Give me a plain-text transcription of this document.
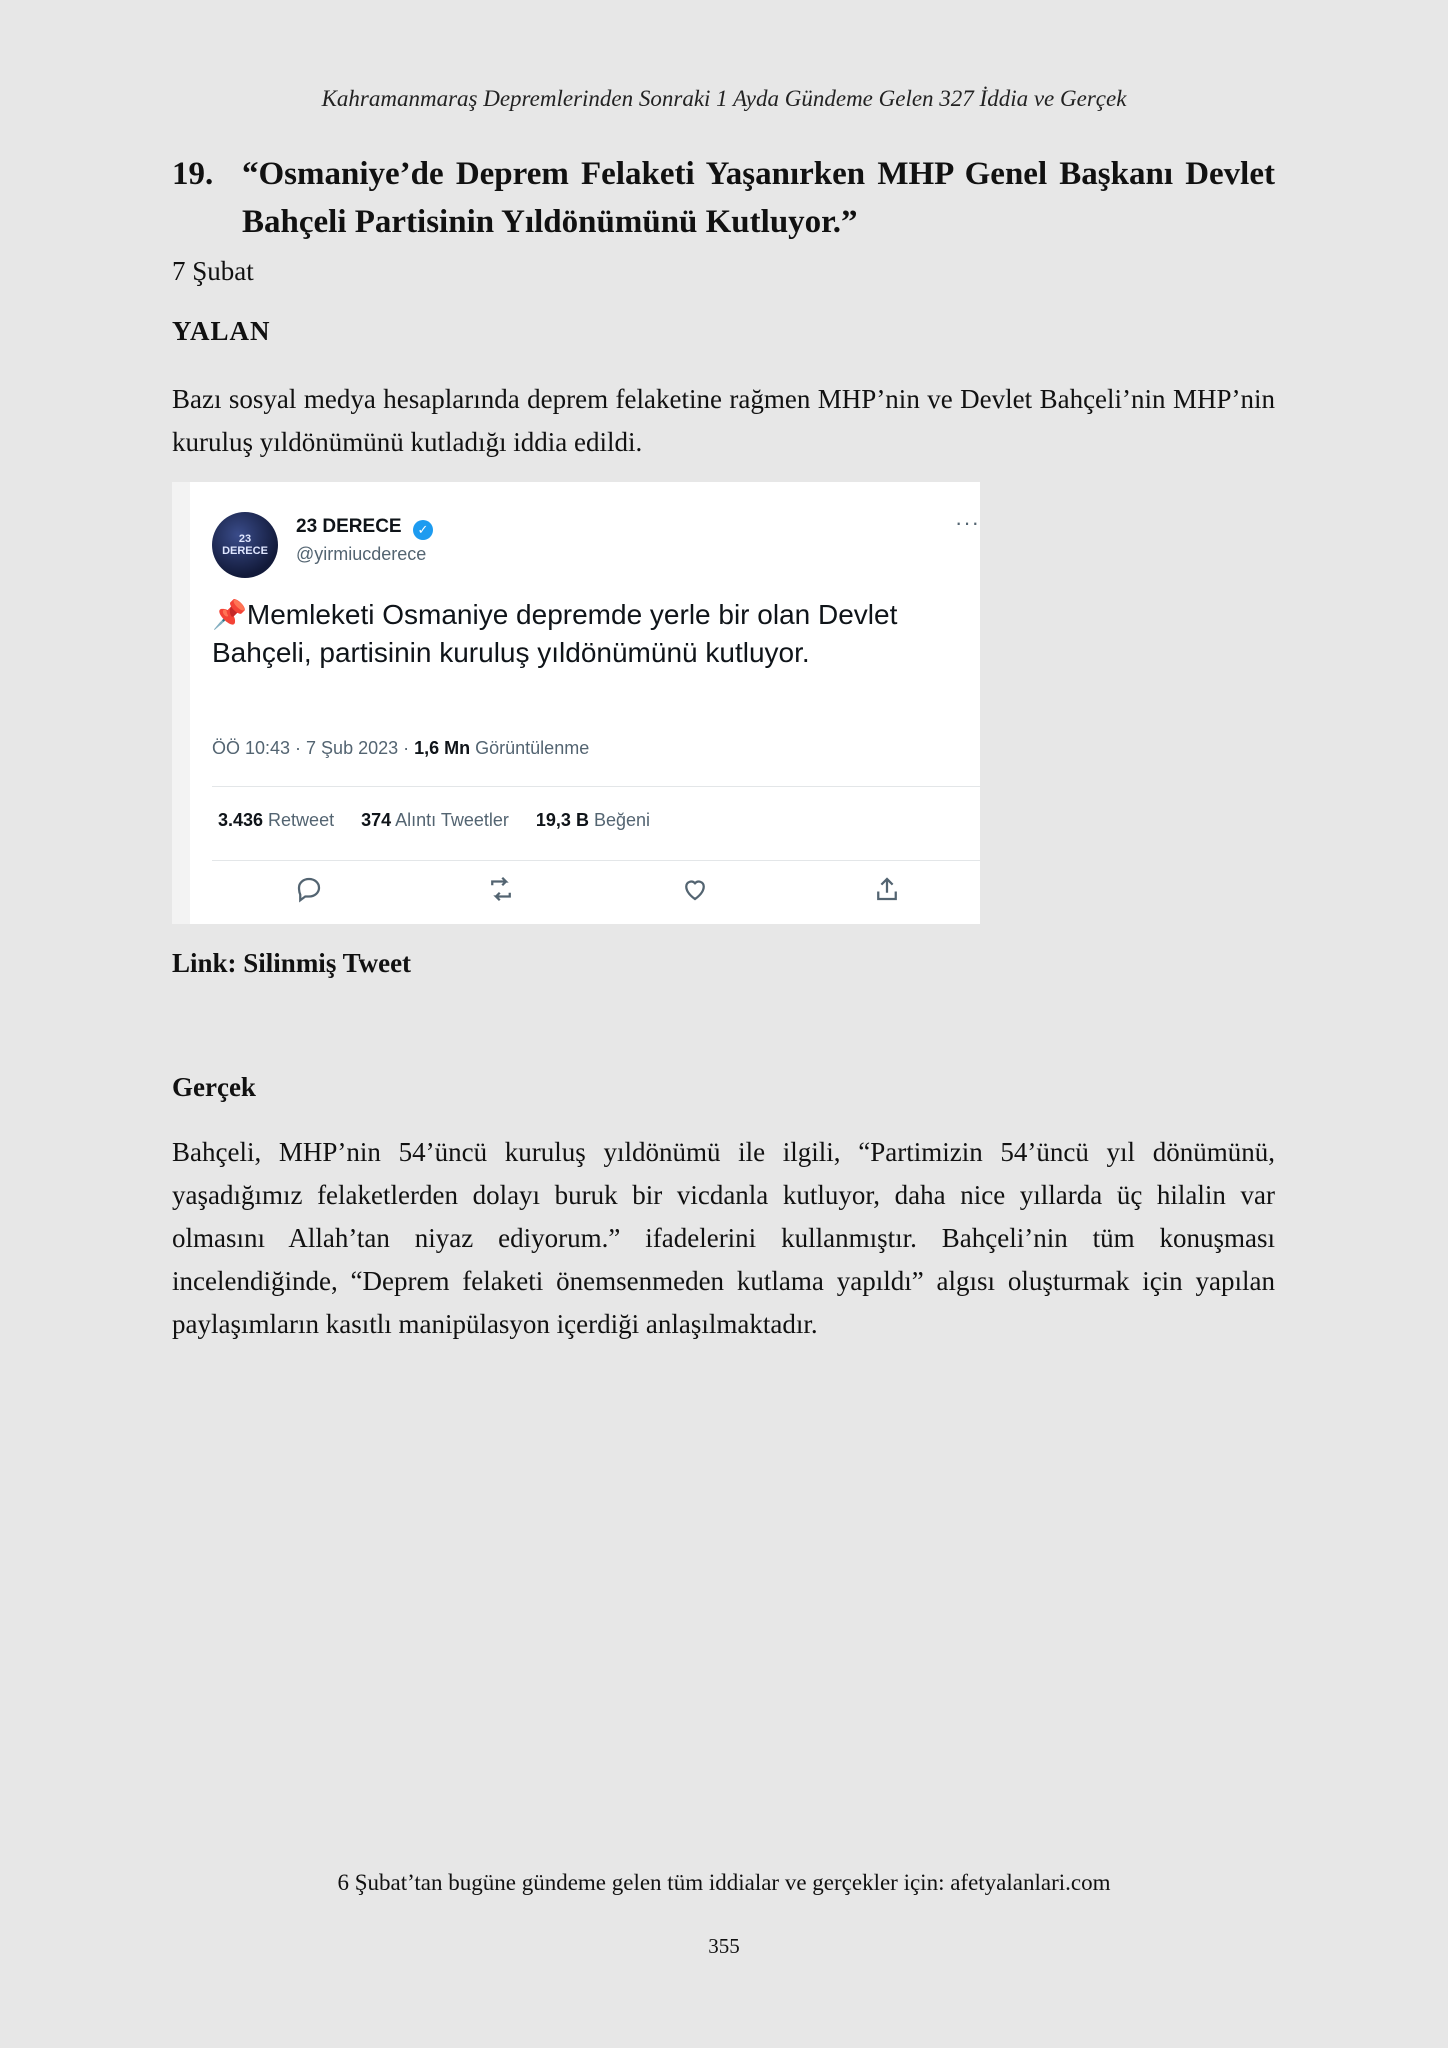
Kahramanmaraş Depremlerinden Sonraki 1 Ayda Gündeme Gelen 327 İddia ve Gerçek
19. “Osmaniye’de Deprem Felaketi Yaşanırken MHP Genel Başkanı Devlet Bahçeli Partisinin Yıldönümünü Kutluyor.”
7 Şubat
YALAN
Bazı sosyal medya hesaplarında deprem felaketine rağmen MHP’nin ve Devlet Bahçeli’nin MHP’nin kuruluş yıldönümünü kutladığı iddia edildi.
23
DERECE
23 DERECE ✓
@yirmiucderece
···
📌Memleketi Osmaniye depremde yerle bir olan Devlet Bahçeli, partisinin kuruluş yıldönümünü kutluyor.
ÖÖ 10:43 · 7 Şub 2023 · 1,6 Mn Görüntülenme
3.436 Retweet 374 Alıntı Tweetler 19,3 B Beğeni
Link: Silinmiş Tweet
Gerçek
Bahçeli, MHP’nin 54’üncü kuruluş yıldönümü ile ilgili, “Partimizin 54’üncü yıl dönümünü, yaşadığımız felaketlerden dolayı buruk bir vicdanla kutluyor, daha nice yıllarda üç hilalin var olmasını Allah’tan niyaz ediyorum.” ifadelerini kullanmıştır. Bahçeli’nin tüm konuşması incelendiğinde, “Deprem felaketi önemsenmeden kutlama yapıldı” algısı oluşturmak için yapılan paylaşımların kasıtlı manipülasyon içerdiği anlaşılmaktadır.
6 Şubat’tan bugüne gündeme gelen tüm iddialar ve gerçekler için: afetyalanlari.com
355
